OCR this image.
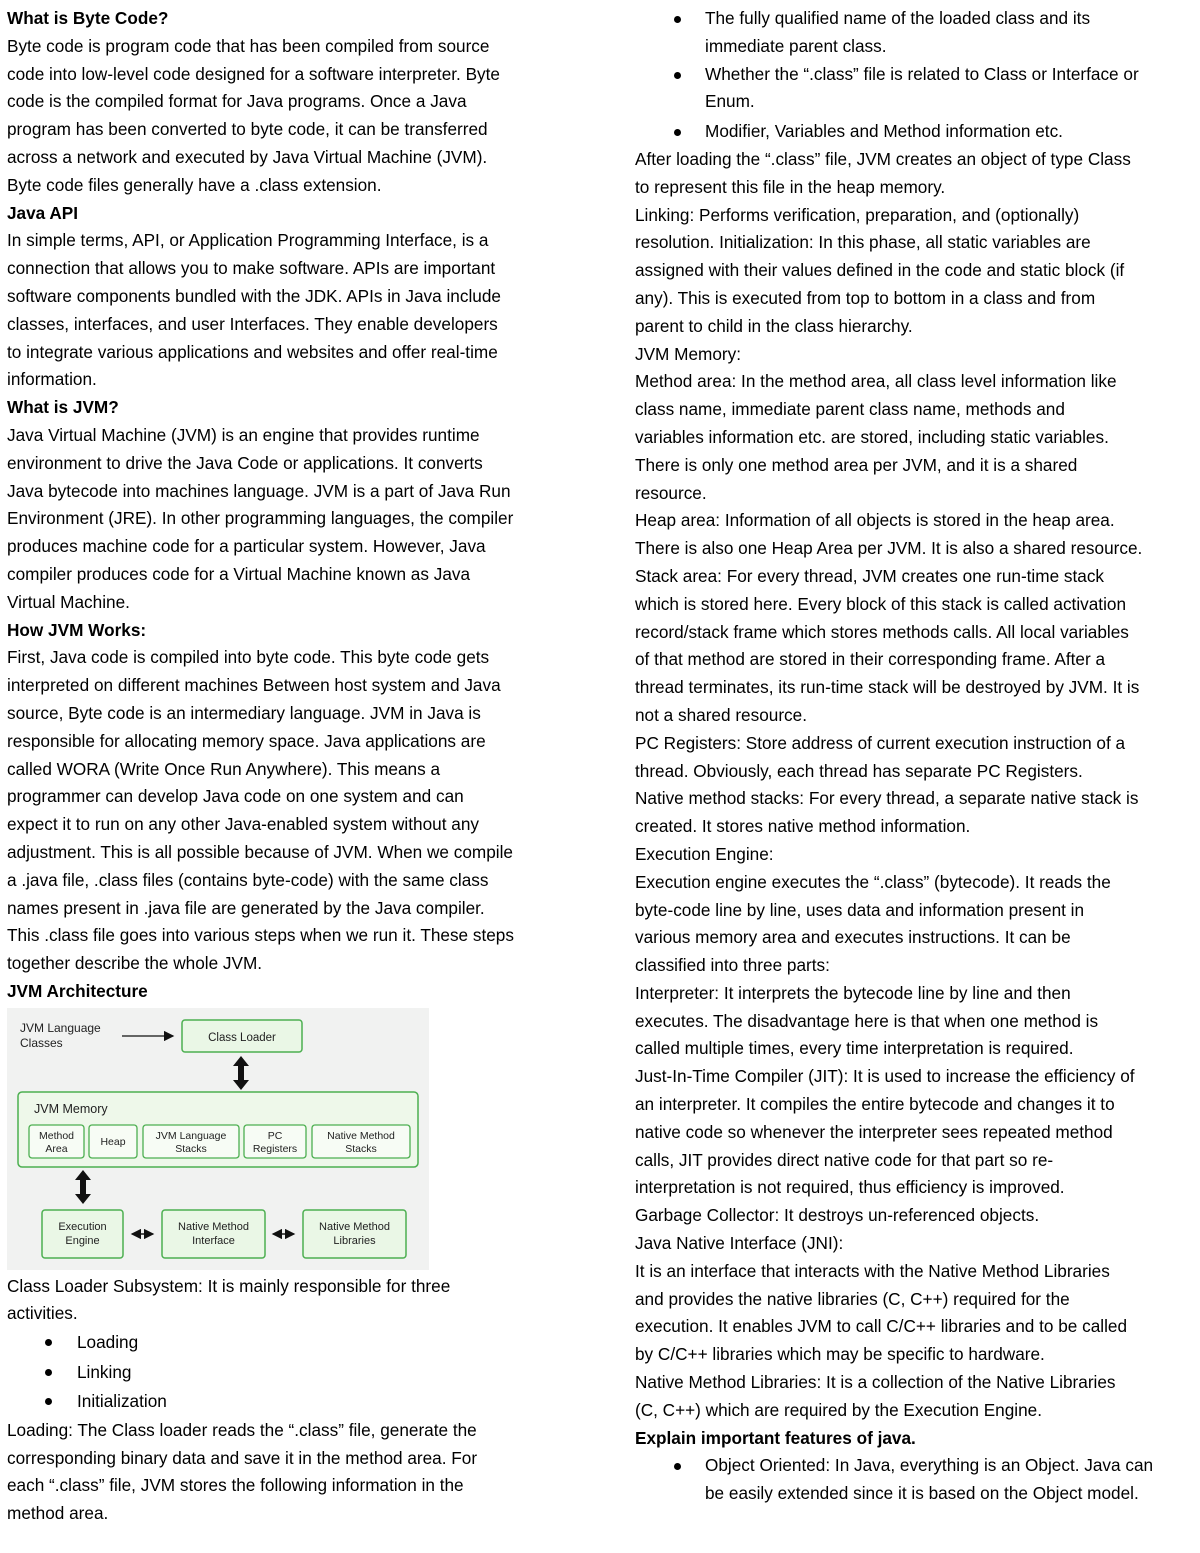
What is Byte Code?

Byte code is program code that has been compiled from source
code into low-level code designed for a software interpreter. Byte
code is the compiled format for Java programs. Once a Java
program has been converted to byte code, it can be transferred
across a network and executed by Java Virtual Machine (JVM).
Byte code files generally have a .class extension.

Java API

In simple terms, API, or Application Programming Interface, is a
connection that allows you to make software. APIs are important
software components bundled with the JDK. APIs in Java include
classes, interfaces, and user Interfaces. They enable developers
to integrate various applications and websites and offer real-time
information.

What is JVM?

Java Virtual Machine (JVM) is an engine that provides runtime
environment to drive the Java Code or applications. It converts
Java bytecode into machines language. JVM is a part of Java Run
Environment (JRE). In other programming languages, the compiler
produces machine code for a particular system. However, Java
compiler produces code for a Virtual Machine known as Java
Virtual Machine.

How JVM Works:

First, Java code is compiled into byte code. This byte code gets
interpreted on different machines Between host system and Java
source, Byte code is an intermediary language. JVM in Java is
responsible for allocating memory space. Java applications are
called WORA (Write Once Run Anywhere). This means a
programmer can develop Java code on one system and can
expect it to run on any other Java-enabled system without any
adjustment. This is all possible because of JVM. When we compile
a .java file, .class files (contains byte-code) with the same class
names present in .java file are generated by the Java compiler.
This .class file goes into various steps when we run it. These steps
together describe the whole JVM.

JVM Architecture
JVM Language
Classes	Class Loader
JVM Memory
Method
Area
Heap	JVM Language
Stacks
PC
Registers
Native Method
Stacks
Execution
Engine
Native Method
Interface
Native Method
Libraries

Class Loader Subsystem: It is mainly responsible for three
activities.

Loading
Linking
Initialization

Loading: The Class loader reads the “.class” file, generate the
corresponding binary data and save it in the method area. For
each “.class” file, JVM stores the following information in the
method area.

The fully qualified name of the loaded class and its
immediate parent class.
Whether the “.class” file is related to Class or Interface or
Enum.
Modifier, Variables and Method information etc.

After loading the “.class” file, JVM creates an object of type Class
to represent this file in the heap memory.

Linking: Performs verification, preparation, and (optionally)
resolution. Initialization: In this phase, all static variables are
assigned with their values defined in the code and static block (if
any). This is executed from top to bottom in a class and from
parent to child in the class hierarchy.

JVM Memory:

Method area: In the method area, all class level information like
class name, immediate parent class name, methods and
variables information etc. are stored, including static variables.
There is only one method area per JVM, and it is a shared
resource.

Heap area: Information of all objects is stored in the heap area.
There is also one Heap Area per JVM. It is also a shared resource.

Stack area: For every thread, JVM creates one run-time stack
which is stored here. Every block of this stack is called activation
record/stack frame which stores methods calls. All local variables
of that method are stored in their corresponding frame. After a
thread terminates, its run-time stack will be destroyed by JVM. It is
not a shared resource.

PC Registers: Store address of current execution instruction of a
thread. Obviously, each thread has separate PC Registers.

Native method stacks: For every thread, a separate native stack is
created. It stores native method information.

Execution Engine:

Execution engine executes the “.class” (bytecode). It reads the
byte-code line by line, uses data and information present in
various memory area and executes instructions. It can be
classified into three parts:

Interpreter: It interprets the bytecode line by line and then
executes. The disadvantage here is that when one method is
called multiple times, every time interpretation is required.

Just-In-Time Compiler (JIT): It is used to increase the efficiency of
an interpreter. It compiles the entire bytecode and changes it to
native code so whenever the interpreter sees repeated method
calls, JIT provides direct native code for that part so re-
interpretation is not required, thus efficiency is improved.

Garbage Collector: It destroys un-referenced objects.

Java Native Interface (JNI):

It is an interface that interacts with the Native Method Libraries
and provides the native libraries (C, C++) required for the
execution. It enables JVM to call C/C++ libraries and to be called
by C/C++ libraries which may be specific to hardware.

Native Method Libraries: It is a collection of the Native Libraries
(C, C++) which are required by the Execution Engine.

Explain important features of java.
Object Oriented: In Java, everything is an Object. Java can
be easily extended since it is based on the Object model.
